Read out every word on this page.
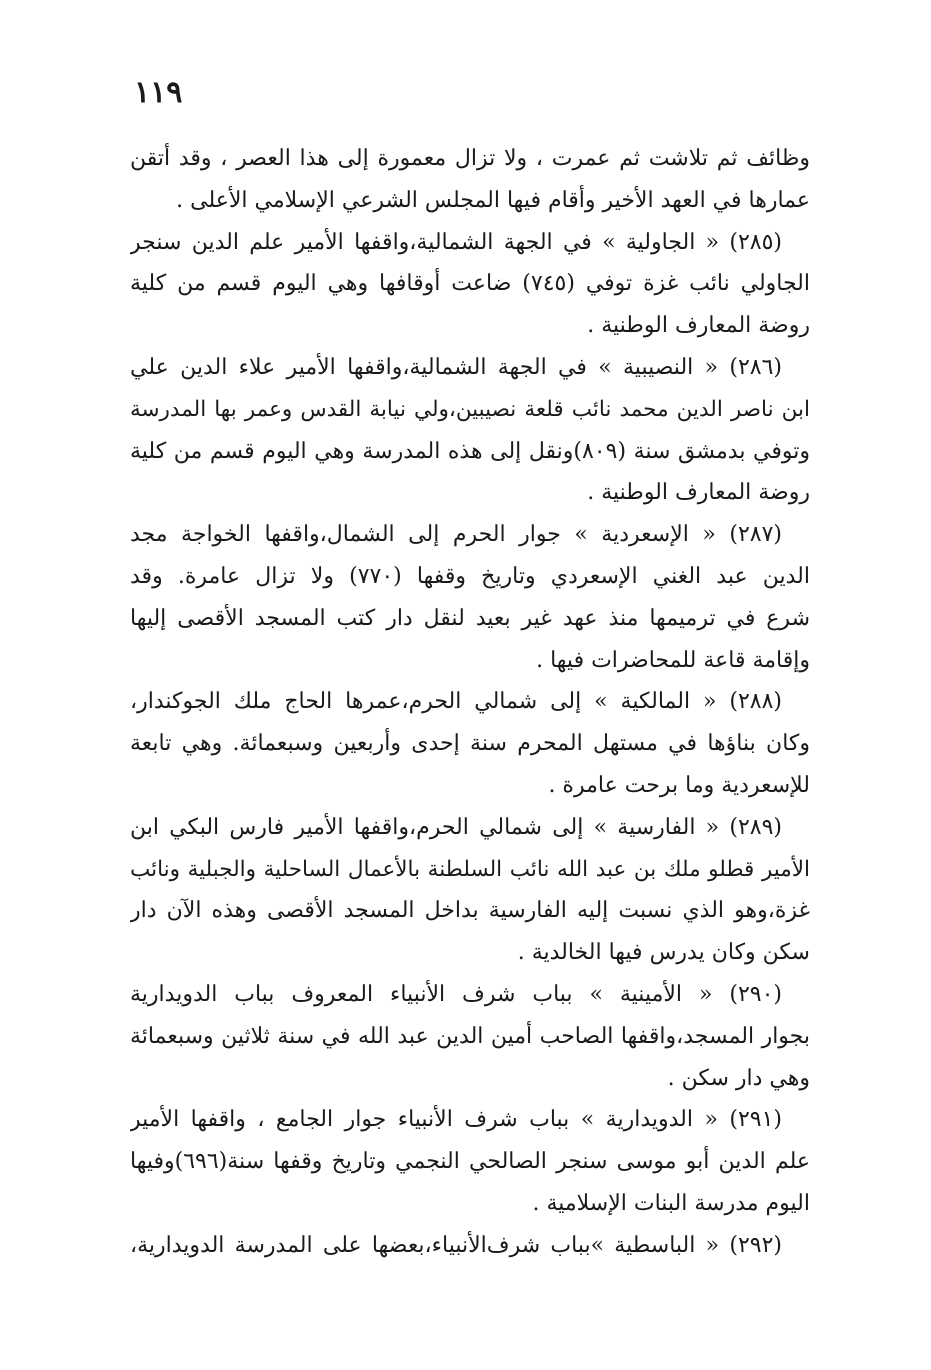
١١٩
وظائف ثم تلاشت ثم عمرت ، ولا تزال معمورة إلى هذا العصر ، وقد أتقن
عمارها في العهد الأخير وأقام فيها المجلس الشرعي الإسلامي الأعلى .
(٢٨٥) « الجاولية » في الجهة الشمالية،واقفها الأمير علم الدين سنجر
الجاولي نائب غزة توفي (٧٤٥) ضاعت أوقافها وهي اليوم قسم من كلية
روضة المعارف الوطنية .
(٢٨٦) « النصيبية » في الجهة الشمالية،واقفها الأمير علاء الدين علي
ابن ناصر الدين محمد نائب قلعة نصيبين،ولي نيابة القدس وعمر بها المدرسة
وتوفي بدمشق سنة (٨٠٩)ونقل إلى هذه المدرسة وهي اليوم قسم من كلية
روضة المعارف الوطنية .
(٢٨٧) « الإسعردية » جوار الحرم إلى الشمال،واقفها الخواجة مجد
الدين عبد الغني الإسعردي وتاريخ وقفها (٧٧٠) ولا تزال عامرة. وقد
شرع في ترميمها منذ عهد غير بعيد لنقل دار كتب المسجد الأقصى إليها
وإقامة قاعة للمحاضرات فيها .
(٢٨٨) « المالكية » إلى شمالي الحرم،عمرها الحاج ملك الجوكندار،
وكان بناؤها في مستهل المحرم سنة إحدى وأربعين وسبعمائة. وهي تابعة
للإسعردية وما برحت عامرة .
(٢٨٩) « الفارسية » إلى شمالي الحرم،واقفها الأمير فارس البكي ابن
الأمير قطلو ملك بن عبد الله نائب السلطنة بالأعمال الساحلية والجبلية ونائب
غزة،وهو الذي نسبت إليه الفارسية بداخل المسجد الأقصى وهذه الآن دار
سكن وكان يدرس فيها الخالدية .
(٢٩٠) « الأمينية » بباب شرف الأنبياء المعروف بباب الدويدارية
بجوار المسجد،واقفها الصاحب أمين الدين عبد الله في سنة ثلاثين وسبعمائة
وهي دار سكن .
(٢٩١) « الدويدارية » بباب شرف الأنبياء جوار الجامع ، واقفها الأمير
علم الدين أبو موسى سنجر الصالحي النجمي وتاريخ وقفها سنة(٦٩٦)وفيها
اليوم مدرسة البنات الإسلامية .
(٢٩٢) « الباسطية »بباب شرف‌الأنبياء،بعضها على المدرسة الدويدارية،
